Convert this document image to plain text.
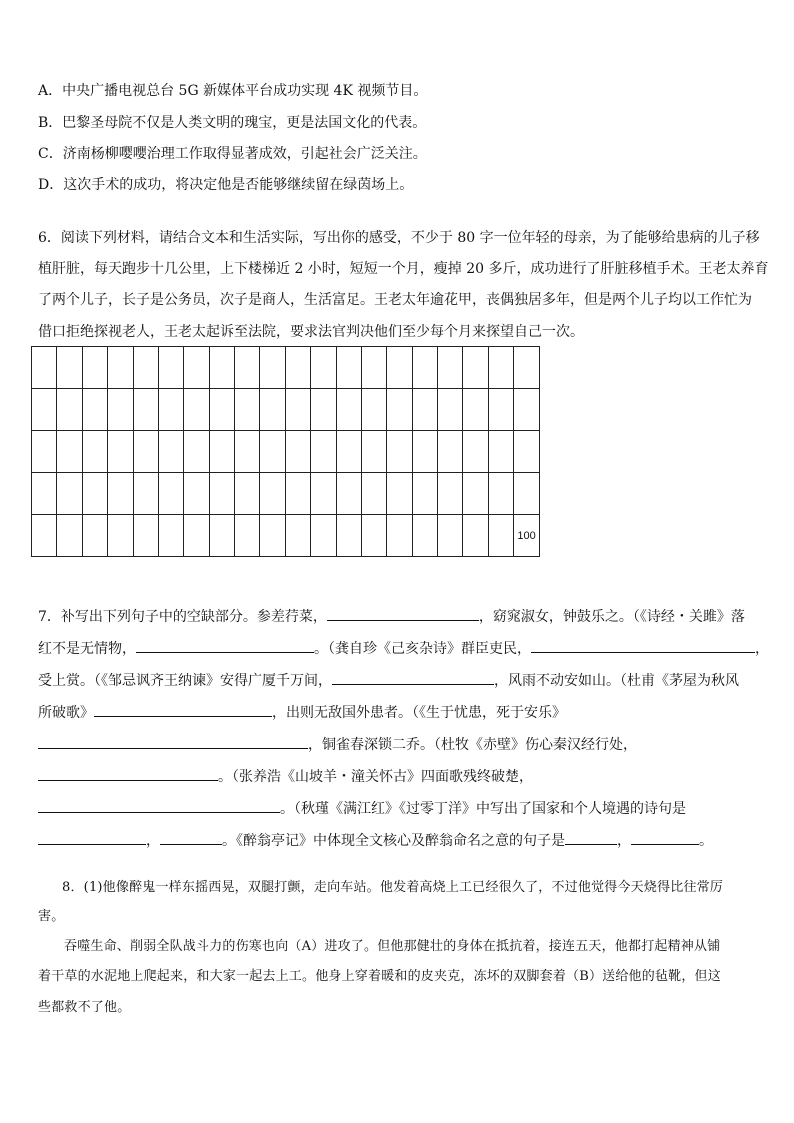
A．中央广播电视总台 5G 新媒体平台成功实现 4K 视频节目。
B．巴黎圣母院不仅是人类文明的瑰宝，更是法国文化的代表。
C．济南杨柳嘤嚶治理工作取得显著成效，引起社会广泛关注。
D．这次手术的成功，将决定他是否能够继续留在绿茵场上。
6．阅读下列材料，请结合文本和生活实际，写出你的感受，不少于 80 字一位年轻的母亲，为了能够给患病的儿子移
植肝脏，每天跑步十几公里，上下楼梯近 2 小时，短短一个月，瘦掉 20 多斤，成功进行了肝脏移植手术。王老太养育
了两个儿子，长子是公务员，次子是商人，生活富足。王老太年逾花甲，丧偶独居多年，但是两个儿子均以工作忙为
借口拒绝探视老人，王老太起诉至法院，要求法官判决他们至少每个月来探望自己一次。

																			100
7．补写出下列句子中的空缺部分。参差荇菜，	，窈窕淑女，钟鼓乐之。（《诗经・关雎》落
红不是无情物，	。（龚自珍《己亥杂诗》群臣吏民，	，
受上赏。（《邹忌讽齐王纳谏》安得广厦千万间，	，风雨不动安如山。（杜甫《茅屋为秋风
所破歌》	，出则无敌国外患者。（《生于忧患，死于安乐》
，铜雀春深锁二乔。（杜牧《赤壁》伤心秦汉经行处，
。（张养浩《山坡羊・潼关怀古》四面歌残终破楚，
。（秋瑾《满江红》《过零丁洋》中写出了国家和个人境遇的诗句是
，	。《醉翁亭记》中体现全文核心及醉翁命名之意的句子是	，	。
8．(1)他像醉鬼一样东摇西晃，双腿打颤，走向车站。他发着高烧上工已经很久了，不过他觉得今天烧得比往常厉
害。
吞噬生命、削弱全队战斗力的伤寒也向（A）进攻了。但他那健壮的身体在抵抗着，接连五天，他都打起精神从铺
着干草的水泥地上爬起来，和大家一起去上工。他身上穿着暖和的皮夹克，冻坏的双脚套着（B）送给他的毡靴，但这
些都救不了他。
